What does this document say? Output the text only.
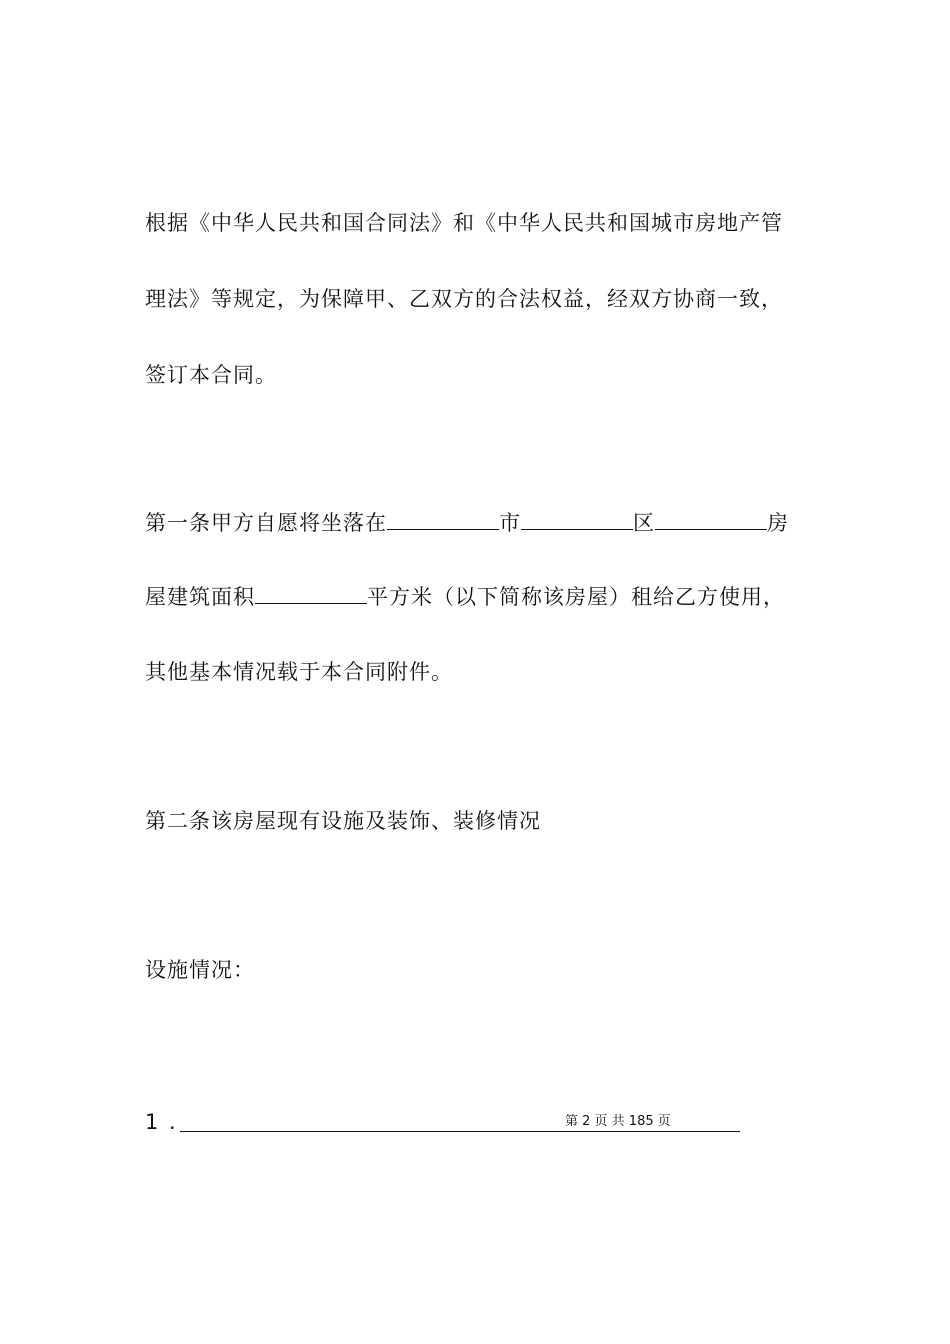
根据《中华人民共和国合同法》和《中华人民共和国城市房地产管
理法》等规定，为保障甲、乙双方的合法权益，经双方协商一致，
签订本合同。
第一条甲方自愿将坐落在	市	区	房
屋建筑面积	平方米（以下简称该房屋）租给乙方使用，
其他基本情况载于本合同附件。
第二条该房屋现有设施及装饰、装修情况
设施情况：
1 .	第 2 页 共 185 页
